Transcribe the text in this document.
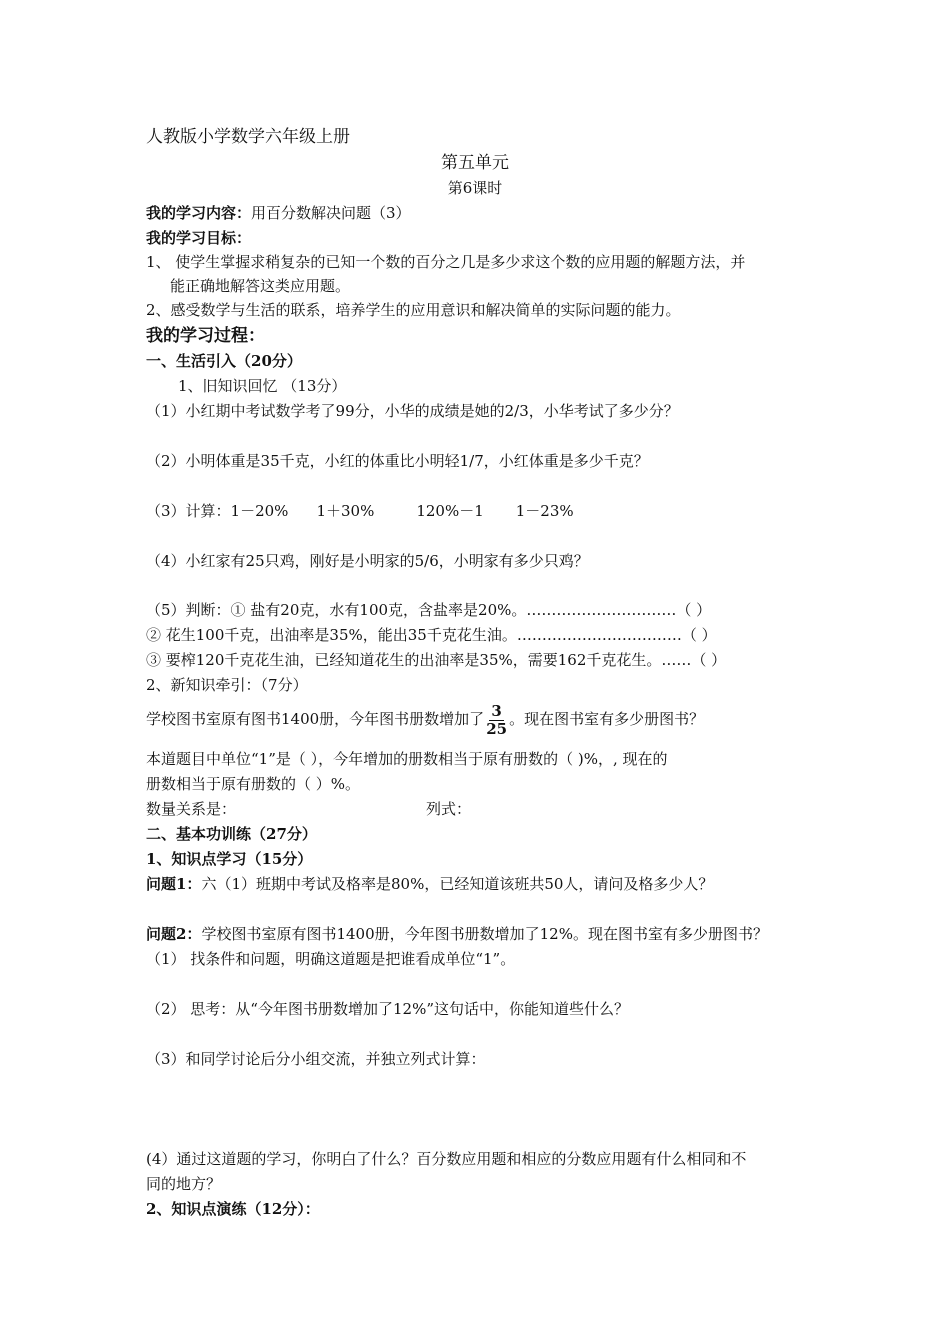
人教版小学数学六年级上册
第五单元
第6课时
我的学习内容：用百分数解决问题（3）
我的学习目标：
1、 使学生掌握求稍复杂的已知一个数的百分之几是多少求这个数的应用题的解题方法，并
能正确地解答这类应用题。
2、感受数学与生活的联系，培养学生的应用意识和解决简单的实际问题的能力。
我的学习过程：
一、生活引入（20分）
1、旧知识回忆 （13分）
（1）小红期中考试数学考了99分，小华的成绩是她的2/3，小华考试了多少分？
（2）小明体重是35千克，小红的体重比小明轻1/7，小红体重是多少千克？
（3）计算：1－20% 1＋30%	120%－1 1－23%
（4）小红家有25只鸡，刚好是小明家的5/6，小明家有多少只鸡？
（5）判断：① 盐有20克，水有100克，含盐率是20%。…………………………（ ）
② 花生100千克，出油率是35%，能出35千克花生油。……………………………（ ）
③ 要榨120千克花生油，已经知道花生的出油率是35%，需要162千克花生。……（ ）
2、新知识牵引：（7分）
学校图书室原有图书1400册，今年图书册数增加了 $\frac{3}{25}$ 。现在图书室有多少册图书？
本道题目中单位“1”是（ ），今年增加的册数相当于原有册数的（ )%，, 现在的
册数相当于原有册数的（ ）%。
数量关系是：	列式：
二、基本功训练（27分）
1、知识点学习（15分）
问题1：六（1）班期中考试及格率是80%，已经知道该班共50人，请问及格多少人？
问题2：学校图书室原有图书1400册，今年图书册数增加了12%。现在图书室有多少册图书？
（1） 找条件和问题，明确这道题是把谁看成单位“1”。
（2） 思考：从“今年图书册数增加了12%”这句话中，你能知道些什么？
（3）和同学讨论后分小组交流，并独立列式计算：
(4）通过这道题的学习，你明白了什么？百分数应用题和相应的分数应用题有什么相同和不
同的地方？
2、知识点演练（12分）：
